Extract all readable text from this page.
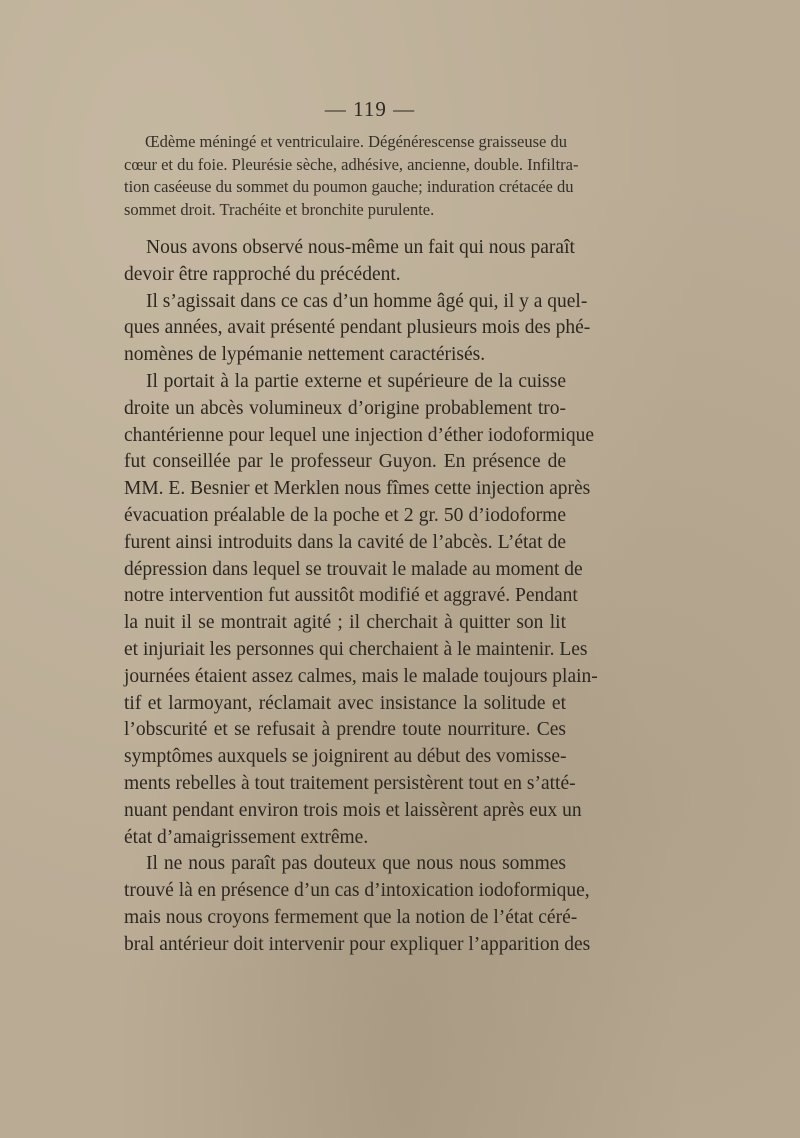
— 119 —
Œdème méningé et ventriculaire. Dégénérescense graisseuse du
cœur et du foie. Pleurésie sèche, adhésive, ancienne, double. Infiltra-
tion caséeuse du sommet du poumon gauche; induration crétacée du
sommet droit. Trachéite et bronchite purulente.
Nous avons observé nous-même un fait qui nous paraît
devoir être rapproché du précédent.
Il s’agissait dans ce cas d’un homme âgé qui, il y a quel-
ques années, avait présenté pendant plusieurs mois des phé-
nomènes de lypémanie nettement caractérisés.
Il portait à la partie externe et supérieure de la cuisse
droite un abcès volumineux d’origine probablement tro-
chantérienne pour lequel une injection d’éther iodoformique
fut conseillée par le professeur Guyon. En présence de
MM. E. Besnier et Merklen nous fîmes cette injection après
évacuation préalable de la poche et 2 gr. 50 d’iodoforme
furent ainsi introduits dans la cavité de l’abcès. L’état de
dépression dans lequel se trouvait le malade au moment de
notre intervention fut aussitôt modifié et aggravé. Pendant
la nuit il se montrait agité ; il cherchait à quitter son lit
et injuriait les personnes qui cherchaient à le maintenir. Les
journées étaient assez calmes, mais le malade toujours plain-
tif et larmoyant, réclamait avec insistance la solitude et
l’obscurité et se refusait à prendre toute nourriture. Ces
symptômes auxquels se joignirent au début des vomisse-
ments rebelles à tout traitement persistèrent tout en s’atté-
nuant pendant environ trois mois et laissèrent après eux un
état d’amaigrissement extrême.
Il ne nous paraît pas douteux que nous nous sommes
trouvé là en présence d’un cas d’intoxication iodoformique,
mais nous croyons fermement que la notion de l’état céré-
bral antérieur doit intervenir pour expliquer l’apparition des
